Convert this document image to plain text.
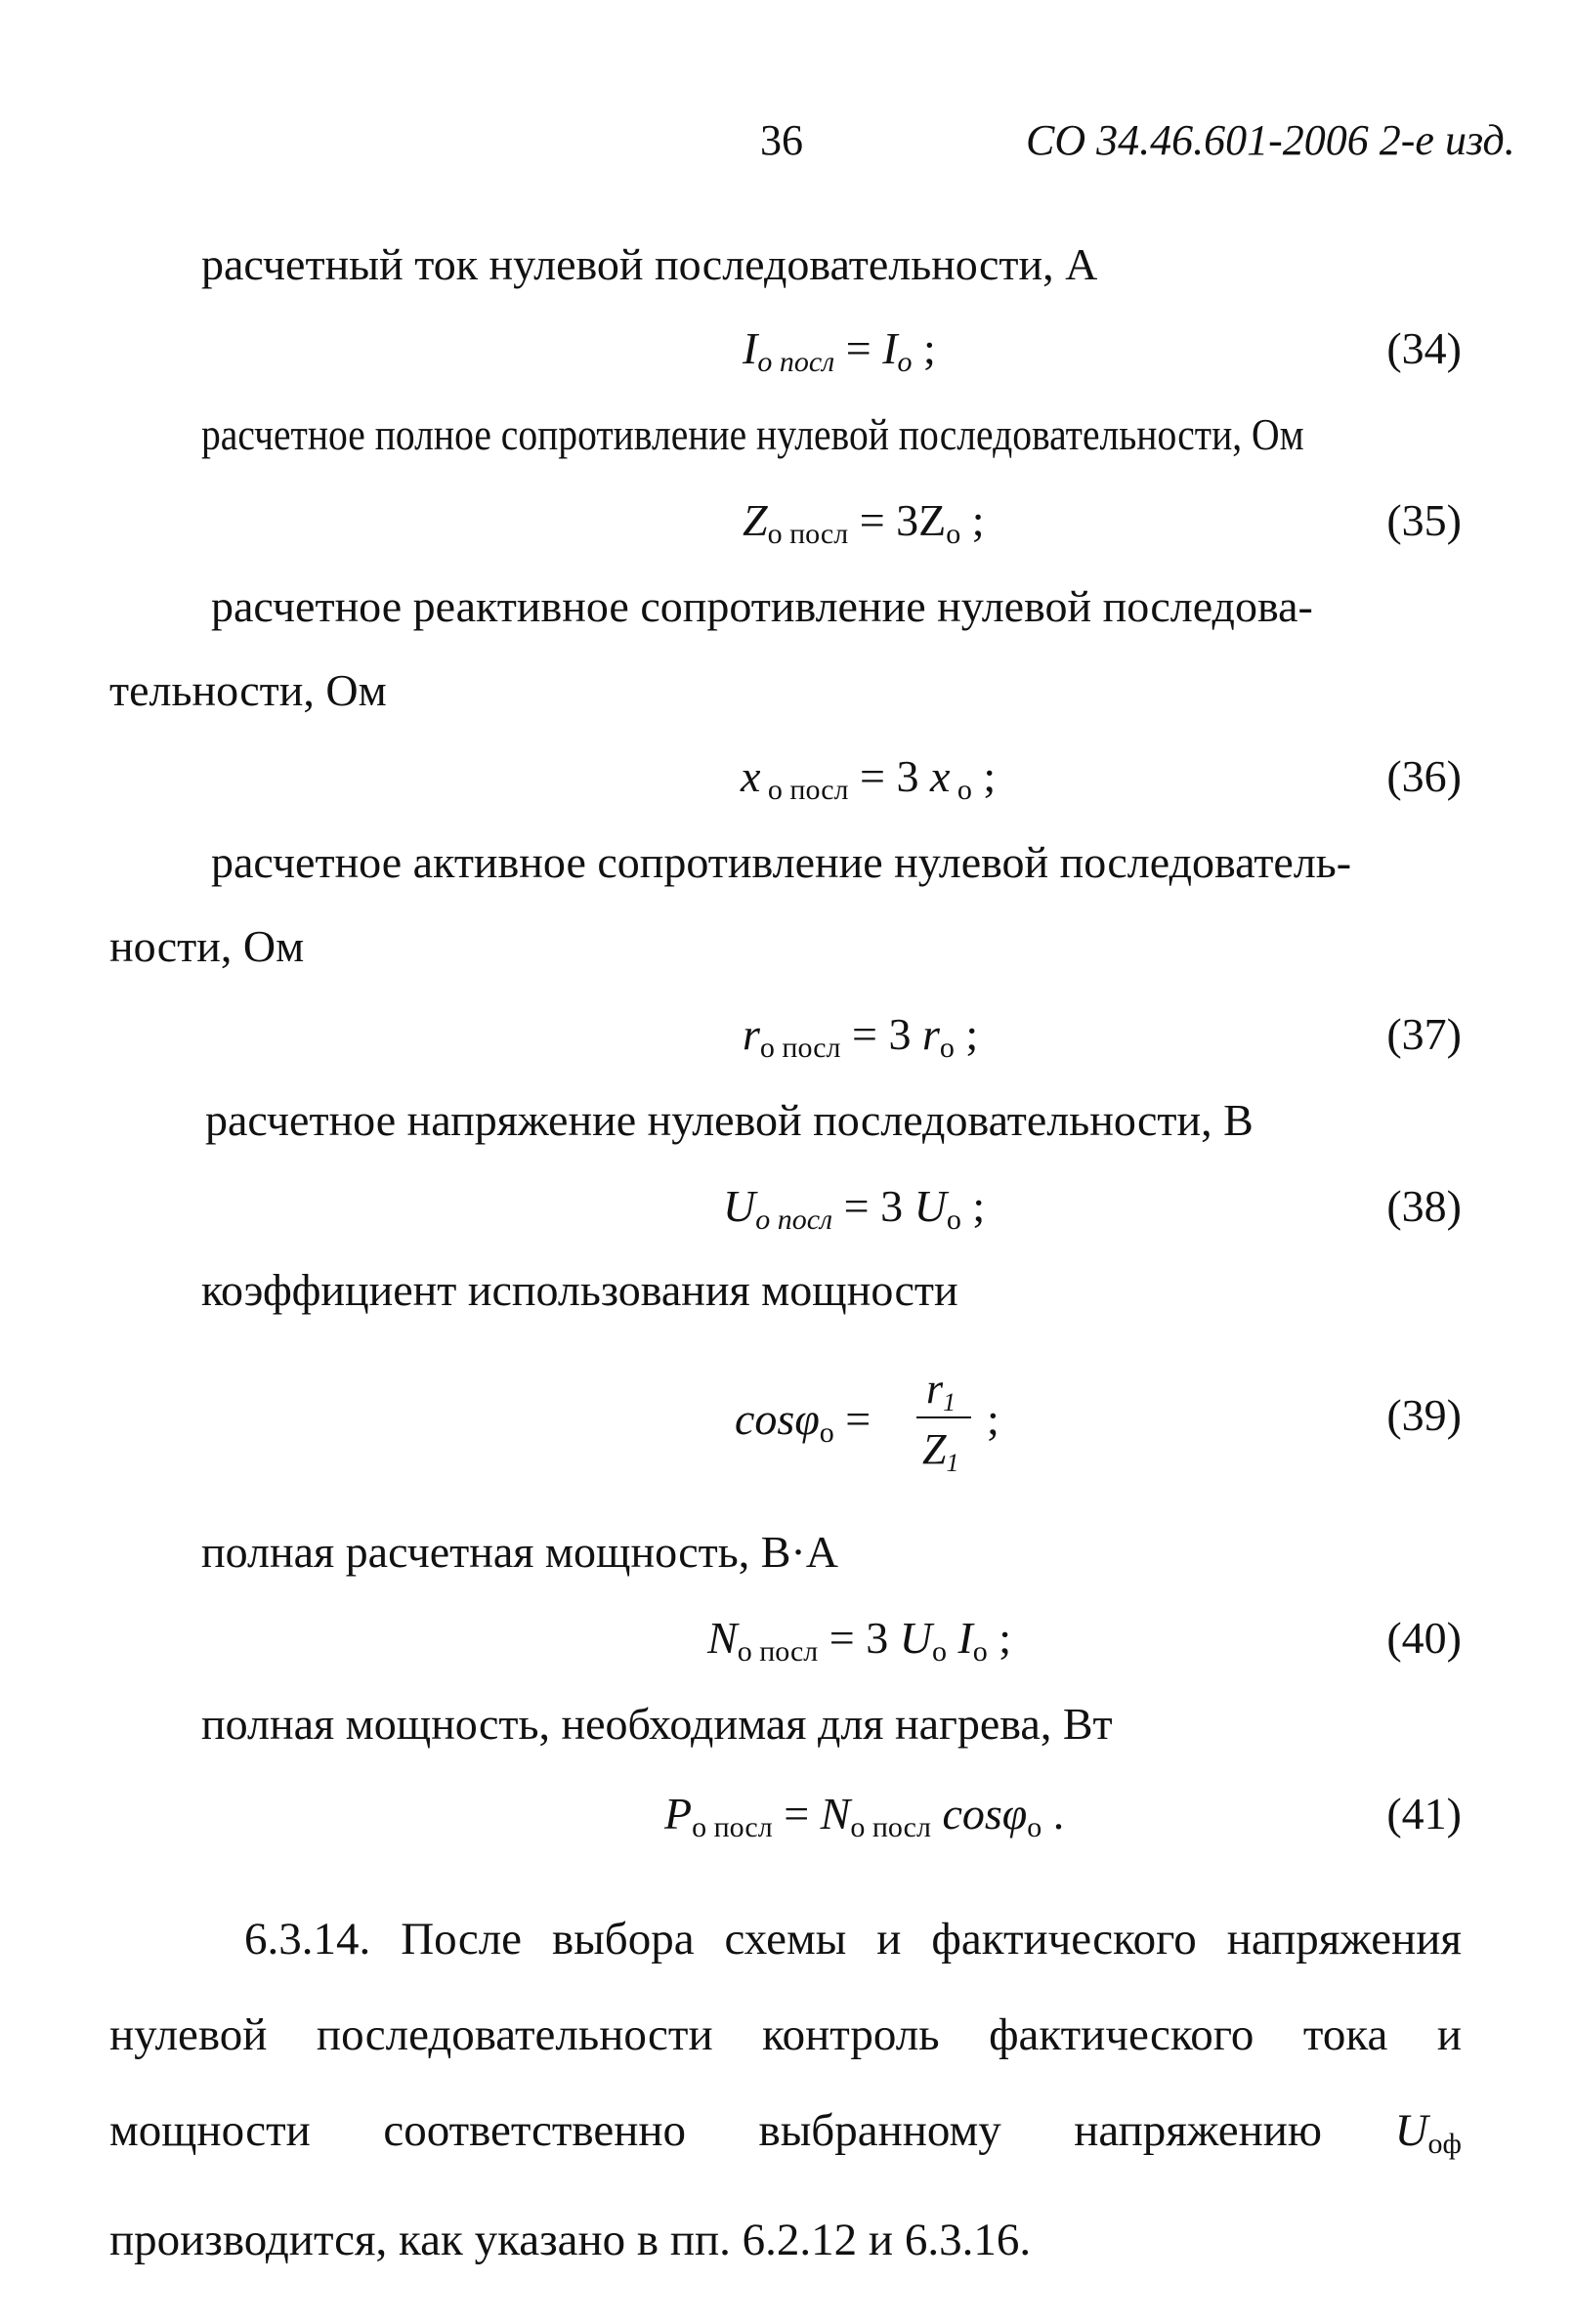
36	СО 34.46.601-2006 2-е изд.
расчетный ток нулевой последовательности, А
$I_{о посл} = I_о$ ;	(34)
расчетное полное сопротивление нулевой последовательности, Ом
$Z_{о посл} = 3Z_о$ ;	(35)
расчетное реактивное сопротивление нулевой последова-
тельности, Ом
x $_{о посл}$ = 3 x $_о$ ;	(36)
расчетное активное сопротивление нулевой последователь-
ности, Ом
$r_{о посл} = 3$ $r_о$ ;	(37)
расчетное напряжение нулевой последовательности, В
$U_{о посл} = 3$ $U_о$ ;	(38)
коэффициент использования мощности
cosφ$_о$ =
$r_1$
$Z_1$
;	(39)
полная расчетная мощность, В·А
$N_{о посл} = 3$ $U_о$ $I_о$ ;	(40)
полная мощность, необходимая для нагрева, Вт
$P_{о посл} = N_{о посл}$ cosφ$_о$ .	(41)
6.3.14. После выбора схемы и фактического напряжения нулевой последовательности контроль фактического тока и мощности соответственно выбранному напряжению $U_{оф}$ производится, как указано в пп. 6.2.12 и 6.3.16.
